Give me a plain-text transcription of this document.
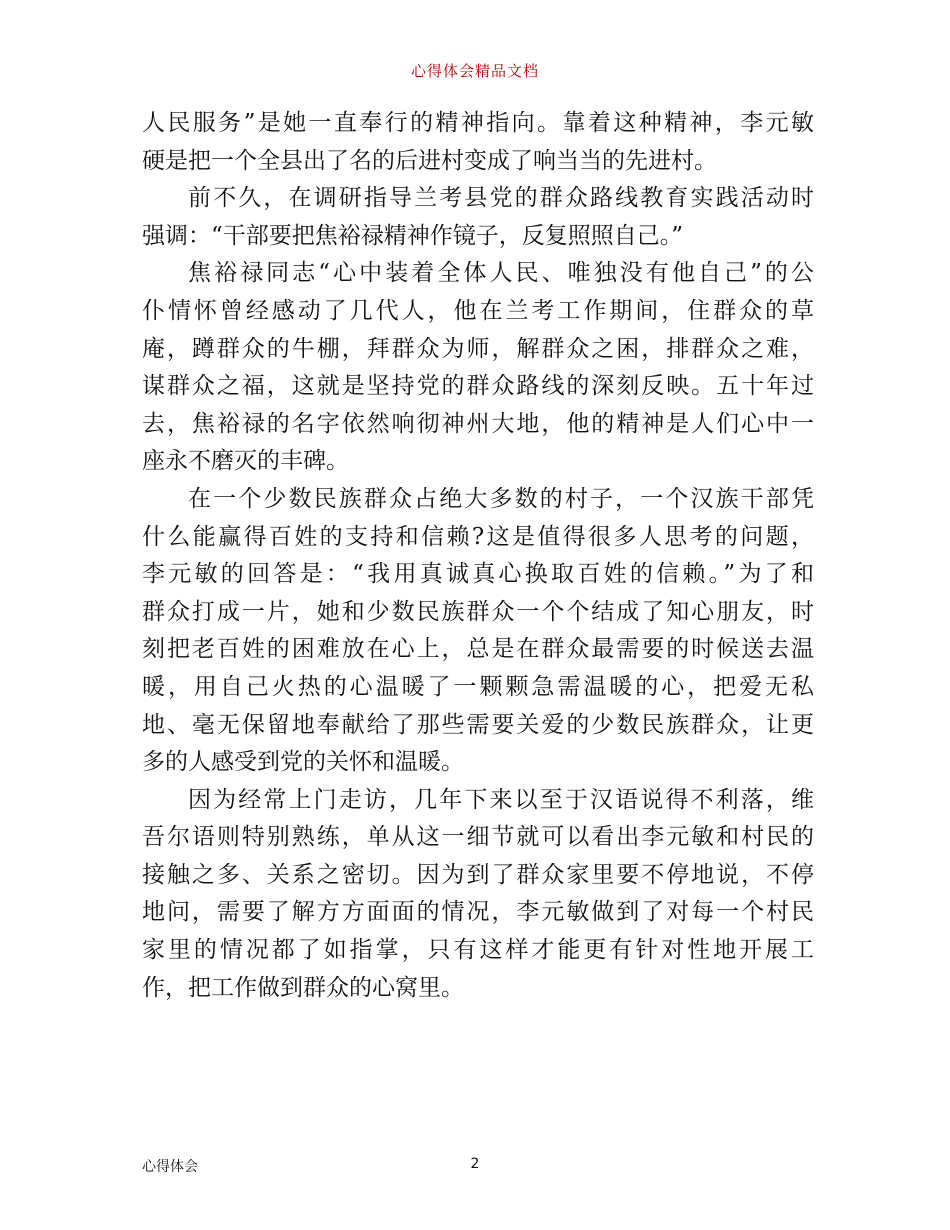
心得体会精品文档
人民服务”是她一直奉行的精神指向。靠着这种精神，李元敏
硬是把一个全县出了名的后进村变成了响当当的先进村。
前不久，在调研指导兰考县党的群众路线教育实践活动时
强调：“干部要把焦裕禄精神作镜子，反复照照自己。”
焦裕禄同志“心中装着全体人民、唯独没有他自己”的公
仆情怀曾经感动了几代人，他在兰考工作期间，住群众的草
庵，蹲群众的牛棚，拜群众为师，解群众之困，排群众之难，
谋群众之福，这就是坚持党的群众路线的深刻反映。五十年过
去，焦裕禄的名字依然响彻神州大地，他的精神是人们心中一
座永不磨灭的丰碑。
在一个少数民族群众占绝大多数的村子，一个汉族干部凭
什么能赢得百姓的支持和信赖?这是值得很多人思考的问题，
李元敏的回答是：“我用真诚真心换取百姓的信赖。”为了和
群众打成一片，她和少数民族群众一个个结成了知心朋友，时
刻把老百姓的困难放在心上，总是在群众最需要的时候送去温
暖，用自己火热的心温暖了一颗颗急需温暖的心，把爱无私
地、毫无保留地奉献给了那些需要关爱的少数民族群众，让更
多的人感受到党的关怀和温暖。
因为经常上门走访，几年下来以至于汉语说得不利落，维
吾尔语则特别熟练，单从这一细节就可以看出李元敏和村民的
接触之多、关系之密切。因为到了群众家里要不停地说，不停
地问，需要了解方方面面的情况，李元敏做到了对每一个村民
家里的情况都了如指掌，只有这样才能更有针对性地开展工
作，把工作做到群众的心窝里。
心得体会	2
